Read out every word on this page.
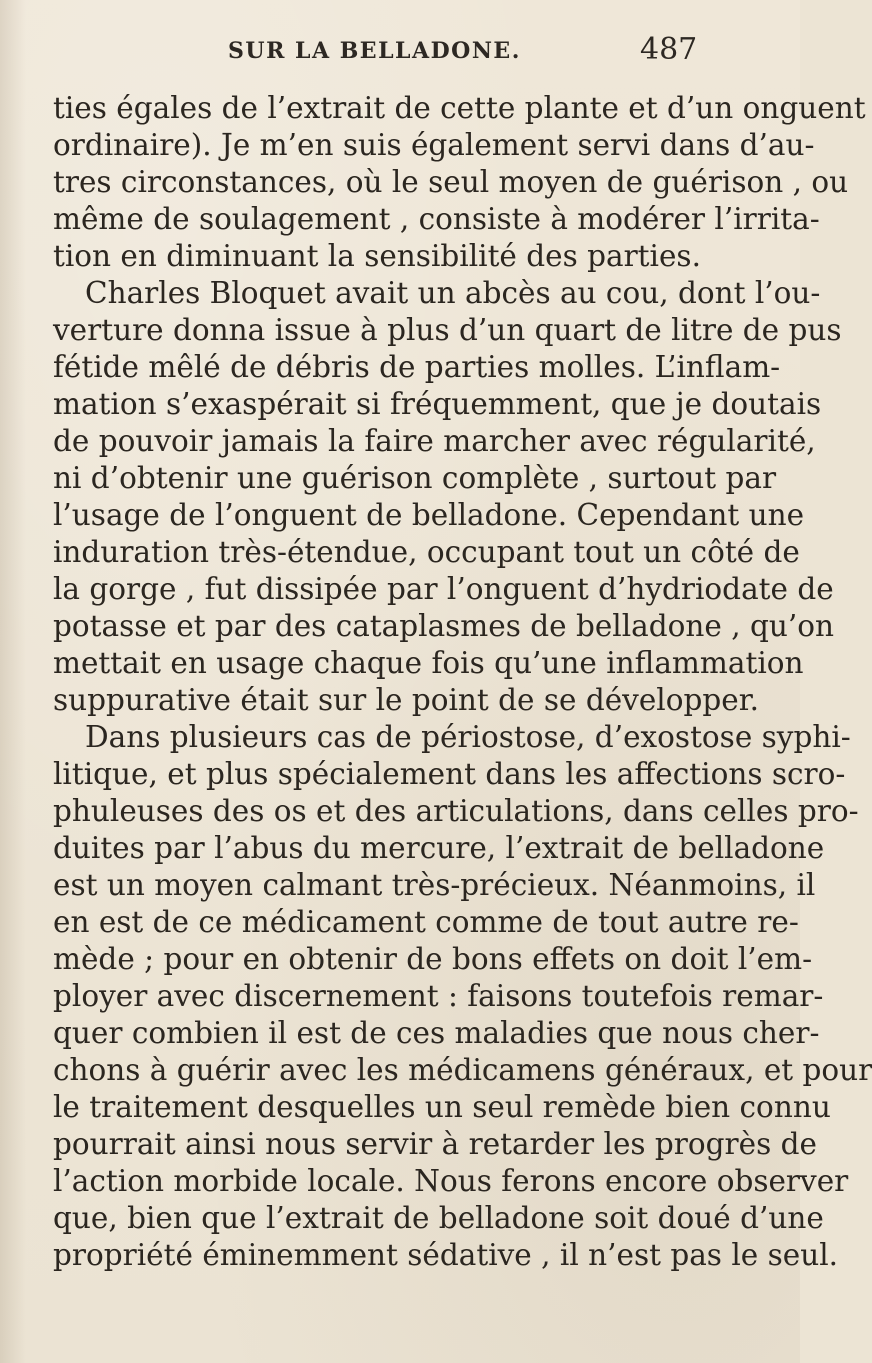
SUR LA BELLADONE.	487
ties égales de l’extrait de cette plante et d’un onguent
ordinaire). Je m’en suis également servi dans d’au-
tres circonstances, où le seul moyen de guérison , ou
même de soulagement , consiste à modérer l’irrita-
tion en diminuant la sensibilité des parties.
Charles Bloquet avait un abcès au cou, dont l’ou-
verture donna issue à plus d’un quart de litre de pus
fétide mêlé de débris de parties molles. L’inflam-
mation s’exaspérait si fréquemment, que je doutais
de pouvoir jamais la faire marcher avec régularité,
ni d’obtenir une guérison complète , surtout par
l’usage de l’onguent de belladone. Cependant une
induration très-étendue, occupant tout un côté de
la gorge , fut dissipée par l’onguent d’hydriodate de
potasse et par des cataplasmes de belladone , qu’on
mettait en usage chaque fois qu’une inflammation
suppurative était sur le point de se développer.
Dans plusieurs cas de périostose, d’exostose syphi-
litique, et plus spécialement dans les affections scro-
phuleuses des os et des articulations, dans celles pro-
duites par l’abus du mercure, l’extrait de belladone
est un moyen calmant très-précieux. Néanmoins, il
en est de ce médicament comme de tout autre re-
mède ; pour en obtenir de bons effets on doit l’em-
ployer avec discernement : faisons toutefois remar-
quer combien il est de ces maladies que nous cher-
chons à guérir avec les médicamens généraux, et pour
le traitement desquelles un seul remède bien connu
pourrait ainsi nous servir à retarder les progrès de
l’action morbide locale. Nous ferons encore observer
que, bien que l’extrait de belladone soit doué d’une
propriété éminemment sédative , il n’est pas le seul.
